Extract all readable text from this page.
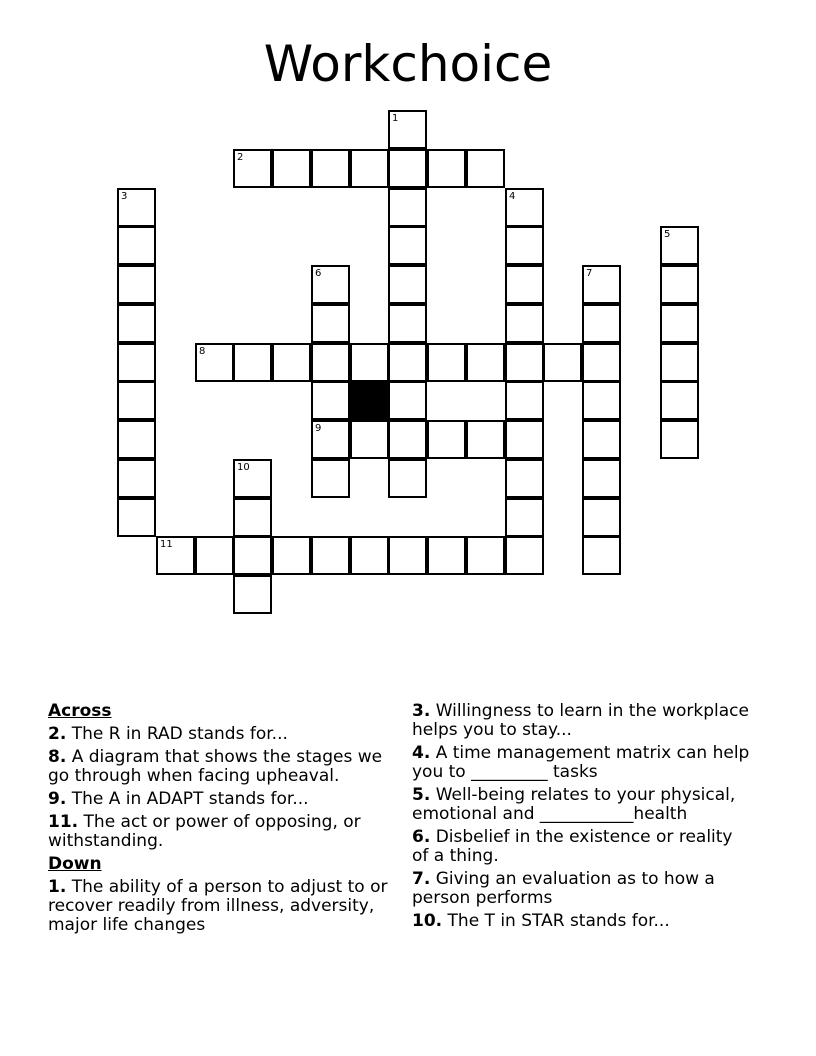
Workchoice
1
2
3	4
5
6	7
8
9
10
11
Across
2. The R in RAD stands for...
8. A diagram that shows the stages we go through when facing upheaval.
9. The A in ADAPT stands for...
11. The act or power of opposing, or withstanding.
Down
1. The ability of a person to adjust to or recover readily from illness, adversity, major life changes
3. Willingness to learn in the workplace helps you to stay...
4. A time management matrix can help you to _________ tasks
5. Well-being relates to your physical, emotional and ___________health
6. Disbelief in the existence or reality of a thing.
7. Giving an evaluation as to how a person performs
10. The T in STAR stands for...
